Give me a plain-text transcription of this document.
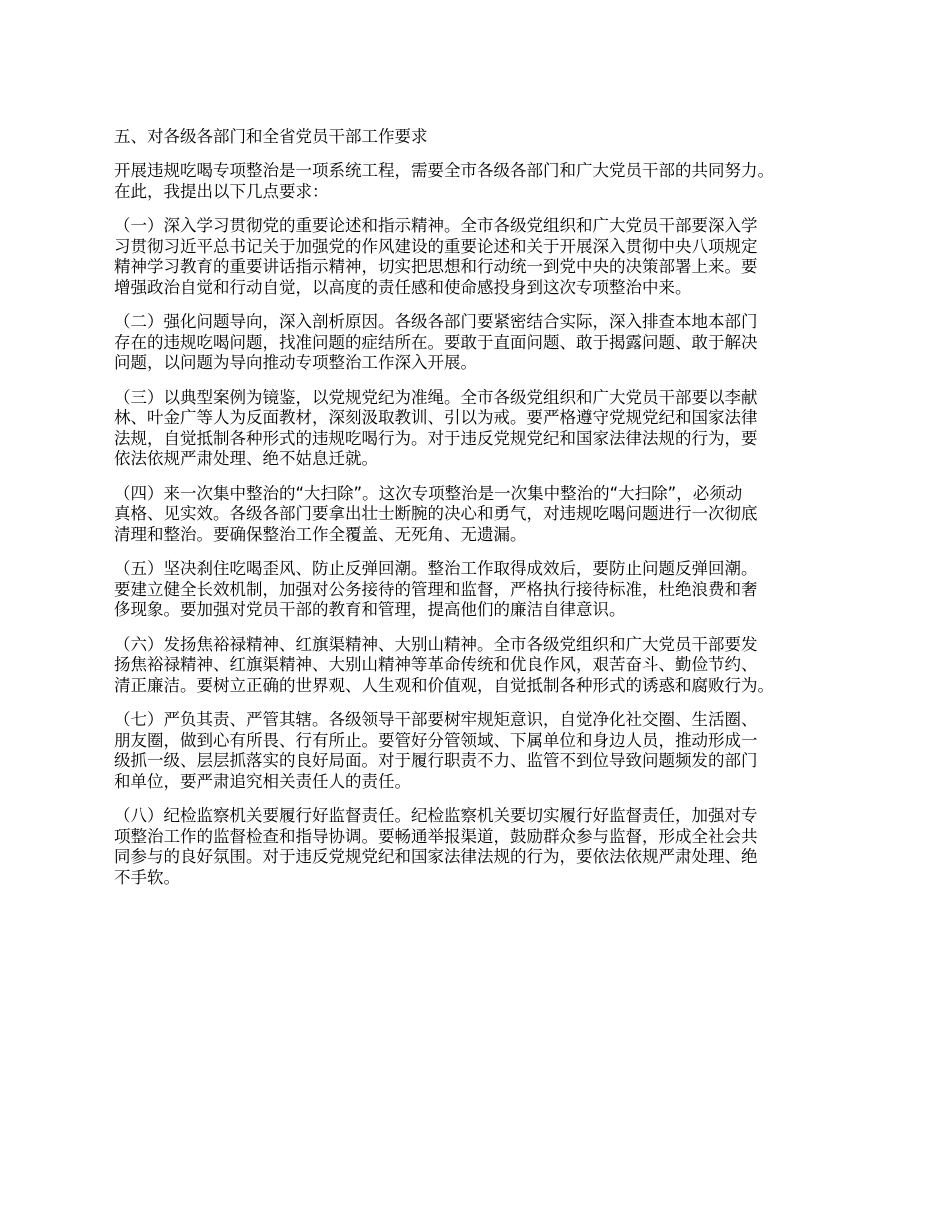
五、对各级各部门和全省党员干部工作要求
开展违规吃喝专项整治是一项系统工程，需要全市各级各部门和广大党员干部的共同努力。
在此，我提出以下几点要求：
（一）深入学习贯彻党的重要论述和指示精神。全市各级党组织和广大党员干部要深入学
习贯彻习近平总书记关于加强党的作风建设的重要论述和关于开展深入贯彻中央八项规定
精神学习教育的重要讲话指示精神，切实把思想和行动统一到党中央的决策部署上来。要
增强政治自觉和行动自觉，以高度的责任感和使命感投身到这次专项整治中来。
（二）强化问题导向，深入剖析原因。各级各部门要紧密结合实际，深入排查本地本部门
存在的违规吃喝问题，找准问题的症结所在。要敢于直面问题、敢于揭露问题、敢于解决
问题，以问题为导向推动专项整治工作深入开展。
（三）以典型案例为镜鉴，以党规党纪为准绳。全市各级党组织和广大党员干部要以李献
林、叶金广等人为反面教材，深刻汲取教训、引以为戒。要严格遵守党规党纪和国家法律
法规，自觉抵制各种形式的违规吃喝行为。对于违反党规党纪和国家法律法规的行为，要
依法依规严肃处理、绝不姑息迁就。
（四）来一次集中整治的“大扫除”。这次专项整治是一次集中整治的“大扫除”，必须动
真格、见实效。各级各部门要拿出壮士断腕的决心和勇气，对违规吃喝问题进行一次彻底
清理和整治。要确保整治工作全覆盖、无死角、无遗漏。
（五）坚决刹住吃喝歪风、防止反弹回潮。整治工作取得成效后，要防止问题反弹回潮。
要建立健全长效机制，加强对公务接待的管理和监督，严格执行接待标准，杜绝浪费和奢
侈现象。要加强对党员干部的教育和管理，提高他们的廉洁自律意识。
（六）发扬焦裕禄精神、红旗渠精神、大别山精神。全市各级党组织和广大党员干部要发
扬焦裕禄精神、红旗渠精神、大别山精神等革命传统和优良作风，艰苦奋斗、勤俭节约、
清正廉洁。要树立正确的世界观、人生观和价值观，自觉抵制各种形式的诱惑和腐败行为。
（七）严负其责、严管其辖。各级领导干部要树牢规矩意识，自觉净化社交圈、生活圈、
朋友圈，做到心有所畏、行有所止。要管好分管领域、下属单位和身边人员，推动形成一
级抓一级、层层抓落实的良好局面。对于履行职责不力、监管不到位导致问题频发的部门
和单位，要严肃追究相关责任人的责任。
（八）纪检监察机关要履行好监督责任。纪检监察机关要切实履行好监督责任，加强对专
项整治工作的监督检查和指导协调。要畅通举报渠道，鼓励群众参与监督，形成全社会共
同参与的良好氛围。对于违反党规党纪和国家法律法规的行为，要依法依规严肃处理、绝
不手软。
